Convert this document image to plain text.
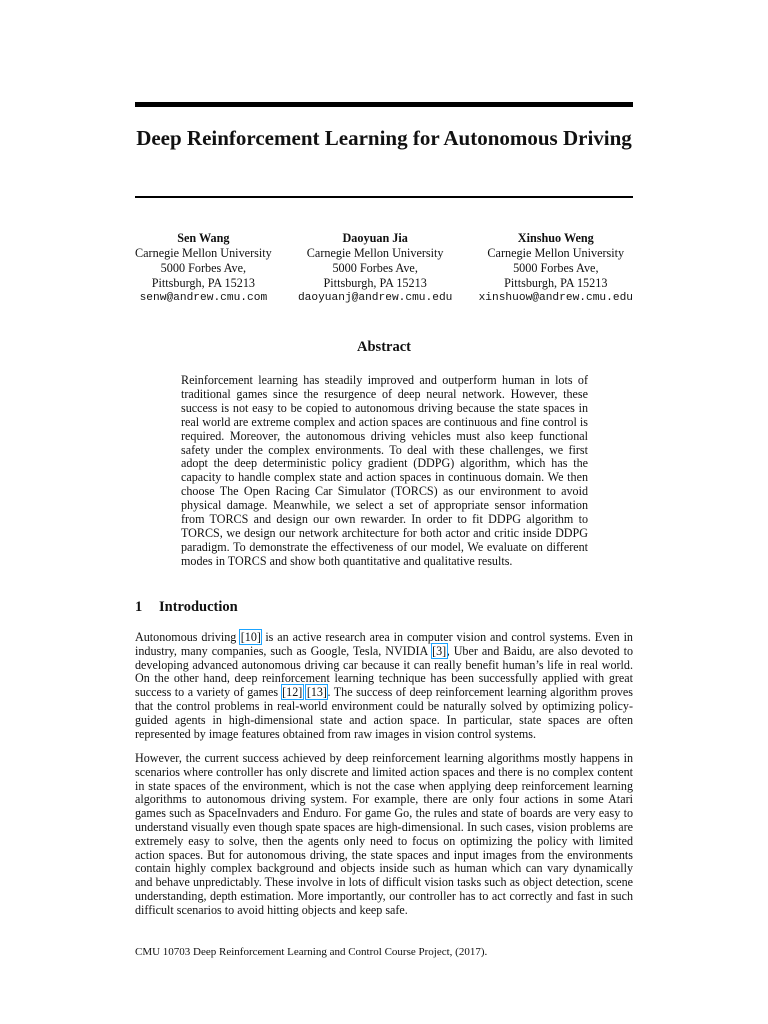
Deep Reinforcement Learning for Autonomous Driving
Sen Wang
Carnegie Mellon University
5000 Forbes Ave,
Pittsburgh, PA 15213
senw@andrew.cmu.com
Daoyuan Jia
Carnegie Mellon University
5000 Forbes Ave,
Pittsburgh, PA 15213
daoyuanj@andrew.cmu.edu
Xinshuo Weng
Carnegie Mellon University
5000 Forbes Ave,
Pittsburgh, PA 15213
xinshuow@andrew.cmu.edu
Abstract

Reinforcement learning has steadily improved and outperform human in lots of traditional games since the resurgence of deep neural network. However, these success is not easy to be copied to autonomous driving because the state spaces in real world are extreme complex and action spaces are continuous and fine control is required. Moreover, the autonomous driving vehicles must also keep functional safety under the complex environments. To deal with these challenges, we first adopt the deep deterministic policy gradient (DDPG) algorithm, which has the capacity to handle complex state and action spaces in continuous domain. We then choose The Open Racing Car Simulator (TORCS) as our environment to avoid physical damage. Meanwhile, we select a set of appropriate sensor information from TORCS and design our own rewarder. In order to fit DDPG algorithm to TORCS, we design our network architecture for both actor and critic inside DDPG paradigm. To demonstrate the effectiveness of our model, We evaluate on different modes in TORCS and show both quantitative and qualitative results.

1 Introduction

Autonomous driving [10] is an active research area in computer vision and control systems. Even in industry, many companies, such as Google, Tesla, NVIDIA [3], Uber and Baidu, are also devoted to developing advanced autonomous driving car because it can really benefit human’s life in real world. On the other hand, deep reinforcement learning technique has been successfully applied with great success to a variety of games [12] [13]. The success of deep reinforcement learning algorithm proves that the control problems in real-world environment could be naturally solved by optimizing policy-guided agents in high-dimensional state and action space. In particular, state spaces are often represented by image features obtained from raw images in vision control systems.

However, the current success achieved by deep reinforcement learning algorithms mostly happens in scenarios where controller has only discrete and limited action spaces and there is no complex content in state spaces of the environment, which is not the case when applying deep reinforcement learning algorithms to autonomous driving system. For example, there are only four actions in some Atari games such as SpaceInvaders and Enduro. For game Go, the rules and state of boards are very easy to understand visually even though spate spaces are high-dimensional. In such cases, vision problems are extremely easy to solve, then the agents only need to focus on optimizing the policy with limited action spaces. But for autonomous driving, the state spaces and input images from the environments contain highly complex background and objects inside such as human which can vary dynamically and behave unpredictably. These involve in lots of difficult vision tasks such as object detection, scene understanding, depth estimation. More importantly, our controller has to act correctly and fast in such difficult scenarios to avoid hitting objects and keep safe.

CMU 10703 Deep Reinforcement Learning and Control Course Project, (2017).
